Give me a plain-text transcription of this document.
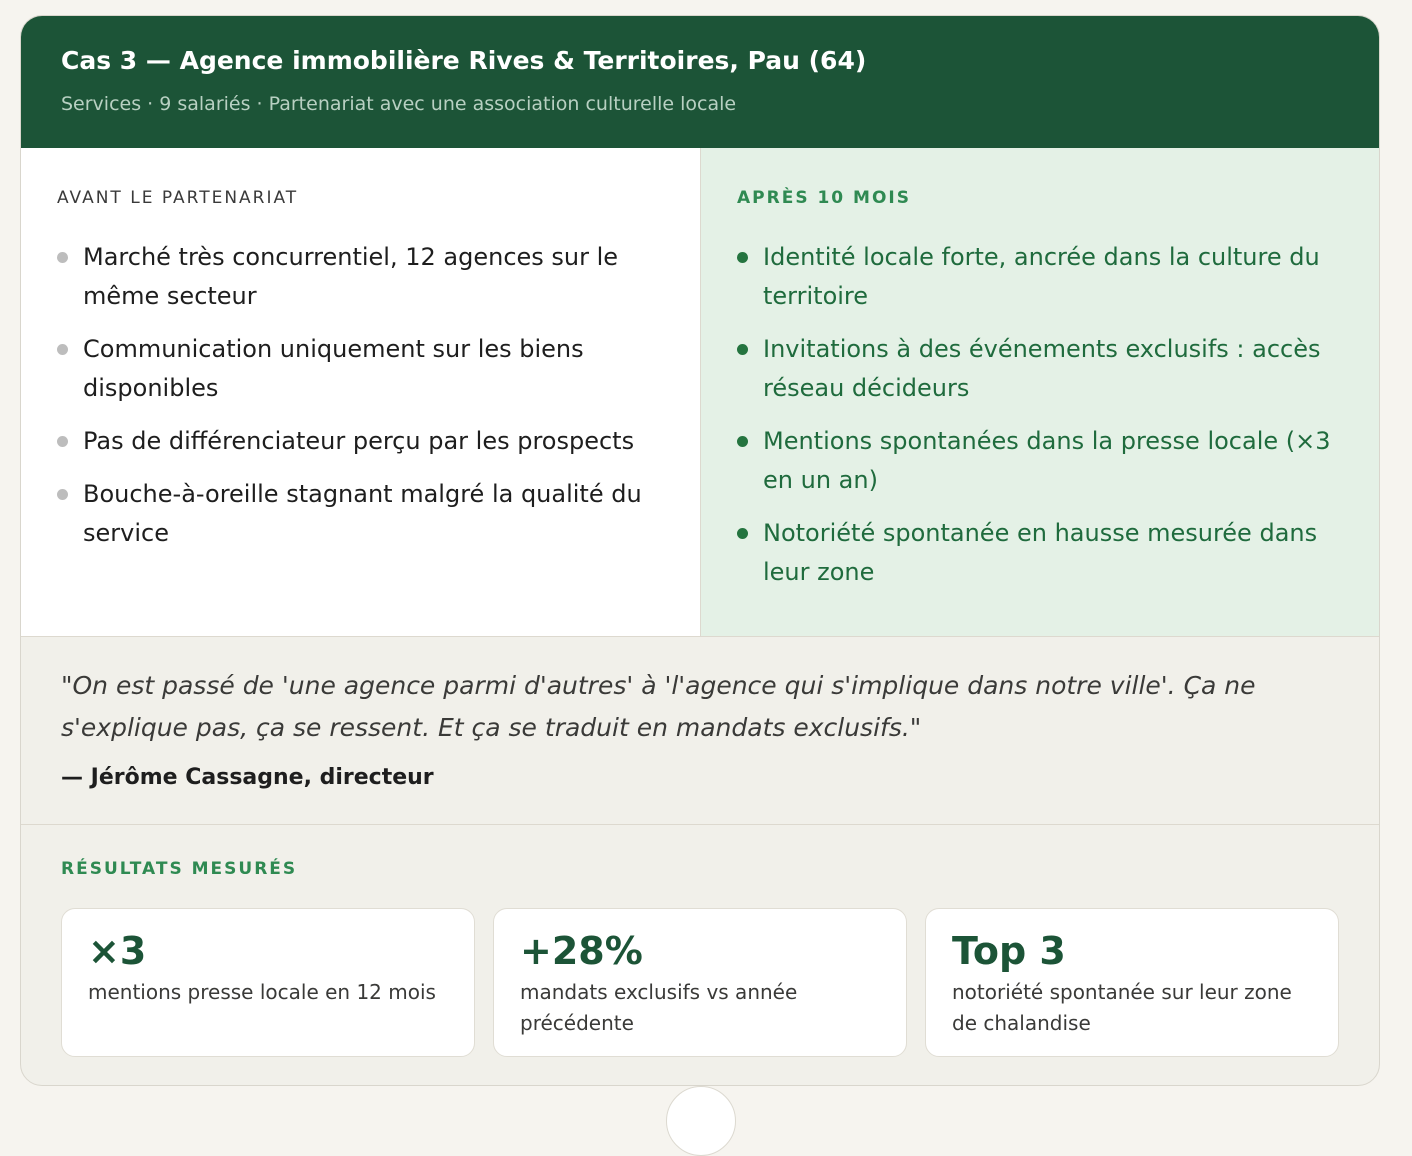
Cas 3 — Agence immobilière Rives & Territoires, Pau (64)
Services · 9 salariés · Partenariat avec une association culturelle locale
AVANT LE PARTENARIAT
Marché très concurrentiel, 12 agences sur le même secteur
Communication uniquement sur les biens disponibles
Pas de différenciateur perçu par les prospects
Bouche-à-oreille stagnant malgré la qualité du service
APRÈS 10 MOIS
Identité locale forte, ancrée dans la culture du territoire
Invitations à des événements exclusifs : accès réseau décideurs
Mentions spontanées dans la presse locale (×3 en un an)
Notoriété spontanée en hausse mesurée dans leur zone
"On est passé de 'une agence parmi d'autres' à 'l'agence qui s'implique dans notre ville'. Ça ne s'explique pas, ça se ressent. Et ça se traduit en mandats exclusifs."
— Jérôme Cassagne, directeur
RÉSULTATS MESURÉS
×3
mentions presse locale en 12 mois
+28%
mandats exclusifs vs année précédente
Top 3
notoriété spontanée sur leur zone de chalandise
